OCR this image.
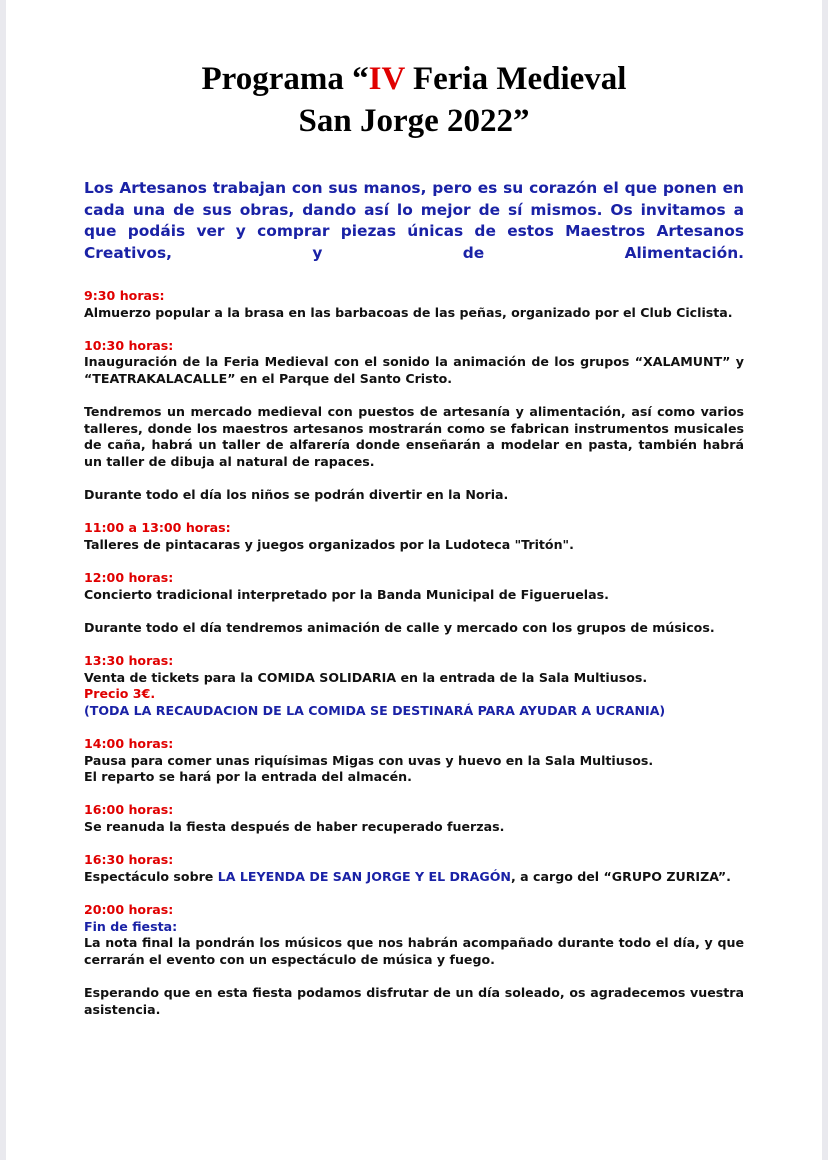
Programa “IV Feria Medieval
San Jorge 2022”
Los Artesanos trabajan con sus manos, pero es su corazón el que ponen en cada una de sus obras, dando así lo mejor de sí mismos. Os invitamos a que podáis ver y comprar piezas únicas de estos Maestros Artesanos Creativos, y de Alimentación.

9:30 horas:
Almuerzo popular a la brasa en las barbacoas de las peñas, organizado por el Club Ciclista.

10:30 horas:
Inauguración de la Feria Medieval con el sonido la animación de los grupos “XALAMUNT” y “TEATRAKALACALLE” en el Parque del Santo Cristo.

Tendremos un mercado medieval con puestos de artesanía y alimentación, así como varios talleres, donde los maestros artesanos mostrarán como se fabrican instrumentos musicales de caña, habrá un taller de alfarería donde enseñarán a modelar en pasta, también habrá un taller de dibuja al natural de rapaces.

Durante todo el día los niños se podrán divertir en la Noria.

11:00 a 13:00 horas:
Talleres de pintacaras y juegos organizados por la Ludoteca "Tritón".

12:00 horas:
Concierto tradicional interpretado por la Banda Municipal de Figueruelas.

Durante todo el día tendremos animación de calle y mercado con los grupos de músicos.

13:30 horas:
Venta de tickets para la COMIDA SOLIDARIA en la entrada de la Sala Multiusos.
Precio 3€.
(TODA LA RECAUDACION DE LA COMIDA SE DESTINARÁ PARA AYUDAR A UCRANIA)

14:00 horas:
Pausa para comer unas riquísimas Migas con uvas y huevo en la Sala Multiusos.
El reparto se hará por la entrada del almacén.

16:00 horas:
Se reanuda la fiesta después de haber recuperado fuerzas.

16:30 horas:
Espectáculo sobre LA LEYENDA DE SAN JORGE Y EL DRAGÓN, a cargo del “GRUPO ZURIZA”.

20:00 horas:
Fin de fiesta:
La nota final la pondrán los músicos que nos habrán acompañado durante todo el día, y que cerrarán el evento con un espectáculo de música y fuego.

Esperando que en esta fiesta podamos disfrutar de un día soleado, os agradecemos vuestra asistencia.
